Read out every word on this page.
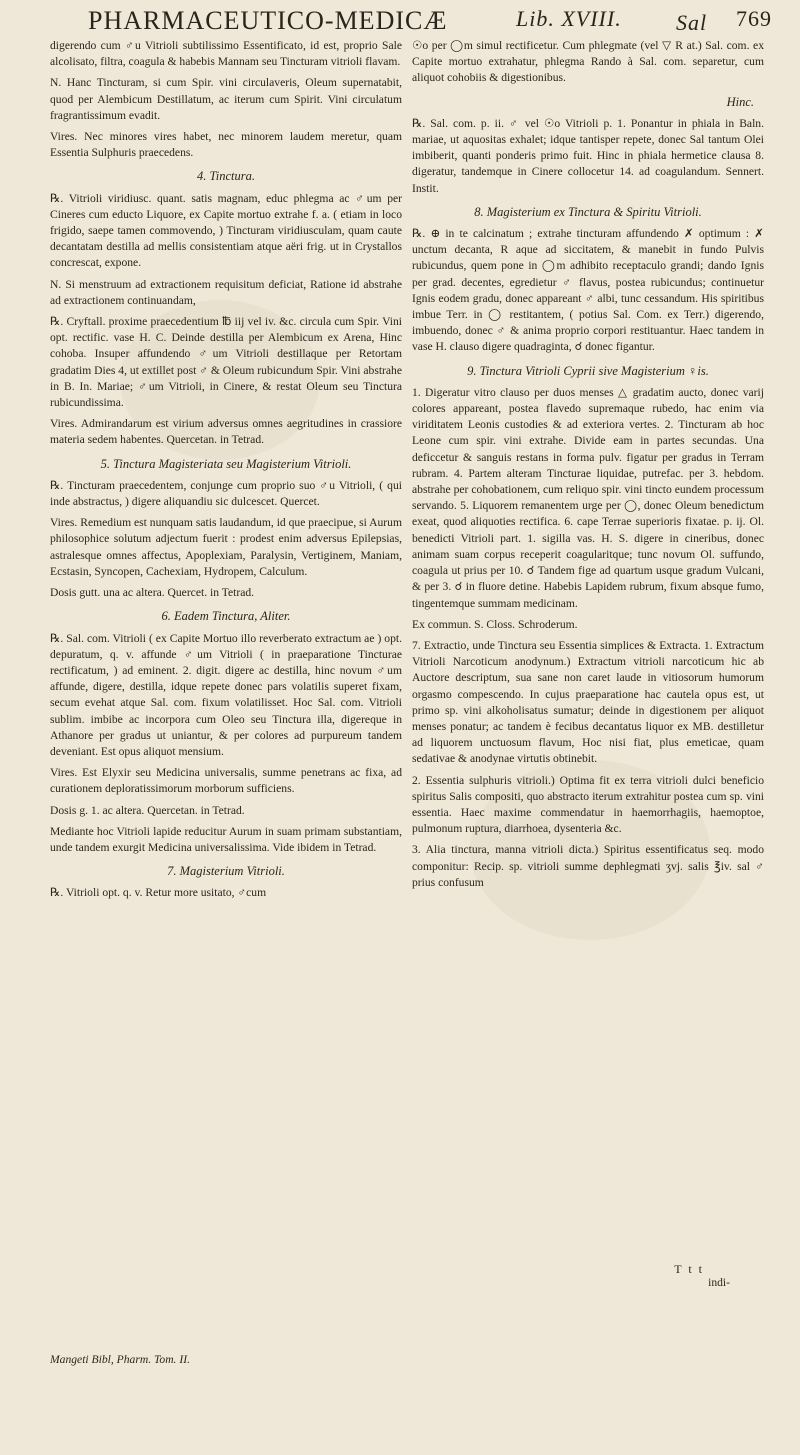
PHARMACEUTICO-MEDICÆ	Lib. XVIII. Sal 769

digerendo cum ♂u Vitrioli subtilissimo Essentificato, id est, proprio Sale alcolisato, filtra, coagula & habebis Mannam seu Tincturam vitrioli flavam.

N. Hanc Tincturam, si cum Spir. vini circulaveris, Oleum supernatabit, quod per Alembicum Destillatum, ac iterum cum Spirit. Vini circulatum fragrantissimum evadit.

Vires. Nec minores vires habet, nec minorem laudem meretur, quam Essentia Sulphuris praecedens.

4. Tinctura.

℞. Vitrioli viridiusc. quant. satis magnam, educ phlegma ac ♂um per Cineres cum educto Liquore, ex Capite mortuo extrahe f. a. ( etiam in loco frigido, saepe tamen commovendo, ) Tincturam viridiusculam, quam caute decantatam destilla ad mellis consistentiam atque aëri frig. ut in Crystallos concrescat, expone.

N. Si menstruum ad extractionem requisitum deficiat, Ratione id abstrahe ad extractionem continuandam,

℞. Cryftall. proxime praecedentium ℔ iij vel iv. &c. circula cum Spir. Vini opt. rectific. vase H. C. Deinde destilla per Alembicum ex Arena, Hinc cohoba. Insuper affundendo ♂um Vitrioli destillaque per Retortam gradatim Dies 4, ut extillet post ♂ & Oleum rubicundum Spir. Vini abstrahe in B. In. Mariae; ♂um Vitrioli, in Cinere, & restat Oleum seu Tinctura rubicundissima.

Vires. Admirandarum est virium adversus omnes aegritudines in crassiore materia sedem habentes. Quercetan. in Tetrad.

5. Tinctura Magisteriata seu Magisterium Vitrioli.

℞. Tincturam praecedentem, conjunge cum proprio suo ♂u Vitrioli, ( qui inde abstractus, ) digere aliquandiu sic dulcescet. Quercet.

Vires. Remedium est nunquam satis laudandum, id que praecipue, si Aurum philosophice solutum adjectum fuerit : prodest enim adversus Epilepsias, astralesque omnes affectus, Apoplexiam, Paralysin, Vertiginem, Maniam, Ecstasin, Syncopen, Cachexiam, Hydropem, Calculum.

Dosis gutt. una ac altera. Quercet. in Tetrad.

6. Eadem Tinctura, Aliter.

℞. Sal. com. Vitrioli ( ex Capite Mortuo illo reverberato extractum ae ) opt. depuratum, q. v. affunde ♂um Vitrioli ( in praeparatione Tincturae rectificatum, ) ad eminent. 2. digit. digere ac destilla, hinc novum ♂um affunde, digere, destilla, idque repete donec pars volatilis superet fixam, secum evehat atque Sal. com. fixum volatilisset. Hoc Sal. com. Vitrioli sublim. imbibe ac incorpora cum Oleo seu Tinctura illa, digereque in Athanore per gradus ut uniantur, & per colores ad purpureum tandem deveniant. Est opus aliquot mensium.

Vires. Est Elyxir seu Medicina universalis, summe penetrans ac fixa, ad curationem deploratissimorum morborum sufficiens.

Dosis g. 1. ac altera. Quercetan. in Tetrad.

Mediante hoc Vitrioli lapide reducitur Aurum in suam primam substantiam, unde tandem exurgit Medicina universalissima. Vide ibidem in Tetrad.

7. Magisterium Vitrioli.

℞. Vitrioli opt. q. v. Retur more usitato, ♂cum

☉o per ◯m simul rectificetur. Cum phlegmate (vel ▽ R at.) Sal. com. ex Capite mortuo extrahatur, phlegma Rando à Sal. com. separetur, cum aliquot cohobiis & digestionibus.

Hinc.

℞. Sal. com. p. ii. ♂ vel ☉o Vitrioli p. 1. Ponantur in phiala in Baln. mariae, ut aquositas exhalet; idque tantisper repete, donec Sal tantum Olei imbiberit, quanti ponderis primo fuit. Hinc in phiala hermetice clausa 8. digeratur, tandemque in Cinere collocetur 14. ad coagulandum. Sennert. Instit.

8. Magisterium ex Tinctura & Spiritu Vitrioli.

℞. ⊕ in te calcinatum ; extrahe tincturam affundendo ✗ optimum : ✗ unctum decanta, R aque ad siccitatem, & manebit in fundo Pulvis rubicundus, quem pone in ◯m adhibito receptaculo grandi; dando Ignis per grad. decentes, egredietur ♂ flavus, postea rubicundus; continuetur Ignis eodem gradu, donec appareant ♂ albi, tunc cessandum. His spiritibus imbue Terr. in ◯ restitantem, ( potius Sal. Com. ex Terr.) digerendo, imbuendo, donec ♂ & anima proprio corpori restituantur. Haec tandem in vase H. clauso digere quadraginta, ☌ donec figantur.

9. Tinctura Vitrioli Cyprii sive Magisterium ♀is.

1. Digeratur vitro clauso per duos menses △ gradatim aucto, donec varij colores appareant, postea flavedo supremaque rubedo, hac enim via viriditatem Leonis custodies & ad exteriora vertes. 2. Tincturam ab hoc Leone cum spir. vini extrahe. Divide eam in partes secundas. Una deficcetur & sanguis restans in forma pulv. figatur per gradus in Terram rubram. 4. Partem alteram Tincturae liquidae, putrefac. per 3. hebdom. abstrahe per cohobationem, cum reliquo spir. vini tincto eundem processum servando. 5. Liquorem remanentem urge per ◯, donec Oleum benedictum exeat, quod aliquoties rectifica. 6. cape Terrae superioris fixatae. p. ij. Ol. benedicti Vitrioli part. 1. sigilla vas. H. S. digere in cineribus, donec animam suam corpus receperit coagularitque; tunc novum Ol. suffundo, coagula ut prius per 10. ☌ Tandem fige ad quartum usque gradum Vulcani, & per 3. ☌ in fluore detine. Habebis Lapidem rubrum, fixum absque fumo, tingentemque summam medicinam.

Ex commun. S. Closs. Schroderum.

7. Extractio, unde Tinctura seu Essentia simplices & Extracta. 1. Extractum Vitrioli Narcoticum anodynum.) Extractum vitrioli narcoticum hic ab Auctore descriptum, sua sane non caret laude in vitiosorum humorum orgasmo compescendo. In cujus praeparatione hac cautela opus est, ut primo sp. vini alkoholisatus sumatur; deinde in digestionem per aliquot menses ponatur; ac tandem è fecibus decantatus liquor ex MB. destilletur ad liquorem unctuosum flavum, Hoc nisi fiat, plus emeticae, quam sedativae & anodynae virtutis obtinebit.

2. Essentia sulphuris vitrioli.) Optima fit ex terra vitrioli dulci beneficio spiritus Salis compositi, quo abstracto iterum extrahitur postea cum sp. vini essentia. Haec maxime commendatur in haemorrhagiis, haemoptoe, pulmonum ruptura, diarrhoea, dysenteria &c.

3. Alia tinctura, manna vitrioli dicta.) Spiritus essentificatus seq. modo componitur: Recip. sp. vitrioli summe dephlegmati ʒvj. salis ℥iv. sal ♂ prius confusum

Mangeti Bibl, Pharm. Tom. II.
T t t
indi-
